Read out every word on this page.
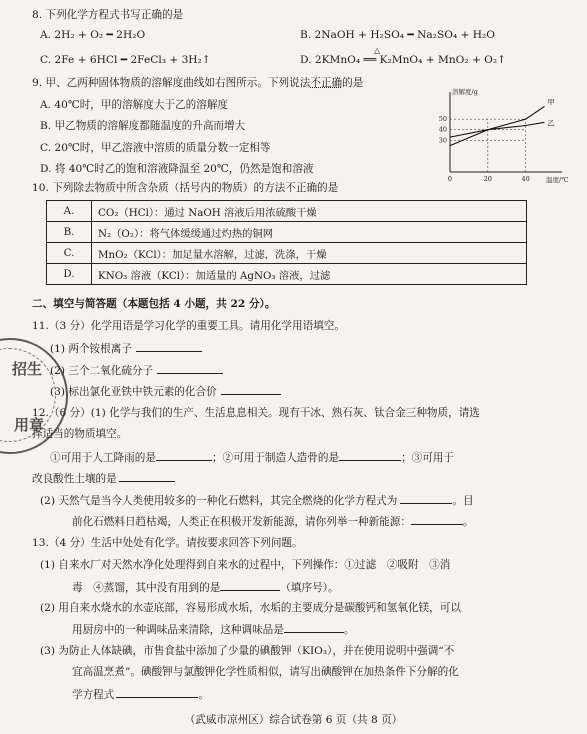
8. 下列化学方程式书写正确的是
A. 2H₂ + O₂ ━ 2H₂O	B. 2NaOH + H₂SO₄ ━ Na₂SO₄ + H₂O
C. 2Fe + 6HCl ━ 2FeCl₃ + 3H₂↑	D. 2KMnO₄ ══ K₂MnO₄ + MnO₂ + O₂↑
△
9. 甲、乙两种固体物质的溶解度曲线如右图所示。下列说法不正确的是
A. 40℃时，甲的溶解度大于乙的溶解度
B. 甲乙物质的溶解度都随温度的升高而增大
C. 20℃时，甲乙溶液中溶质的质量分数一定相等
D. 将 40℃时乙的饱和溶液降温至 20℃，仍然是饱和溶液
溶解度/g
温度/℃
30
40
50
0	20	40
甲
乙
10. 下列除去物质中所含杂质（括号内的物质）的方法不正确的是
A.	CO₂（HCl）：通过 NaOH 溶液后用浓硫酸干燥
B.	N₂（O₂）：将气体缓缓通过灼热的铜网
C.	MnO₂（KCl）：加足量水溶解，过滤，洗涤，干燥
D.	KNO₃ 溶液（KCl）：加适量的 AgNO₃ 溶液，过滤
二、填空与简答题（本题包括 4 小题，共 22 分）。
11.（3 分）化学用语是学习化学的重要工具。请用化学用语填空。
(1) 两个铵根离子
(2) 三个二氧化硫分子
(3) 标出氯化亚铁中铁元素的化合价
12.（6 分）(1) 化学与我们的生产、生活息息相关。现有干冰、熟石灰、钛合金三种物质，请选
择适当的物质填空。
①可用于人工降雨的是	；②可用于制造人造骨的是	；③可用于
改良酸性土壤的是
(2) 天然气是当今人类使用较多的一种化石燃料，其完全燃烧的化学方程式为	。目
前化石燃料日趋枯竭，人类正在积极开发新能源，请你列举一种新能源：	。
13.（4 分）生活中处处有化学。请按要求回答下列问题。
(1) 自来水厂对天然水净化处理得到自来水的过程中，下列操作：①过滤　②吸附　③消
毒　④蒸馏，其中没有用到的是	（填序号）。
(2) 用自来水烧水的水壶底部，容易形成水垢，水垢的主要成分是碳酸钙和氢氧化镁，可以
用厨房中的一种调味品来清除，这种调味品是	。
(3) 为防止人体缺碘，市售食盐中添加了少量的碘酸钾（KIO₃），并在使用说明中强调“不
宜高温烹煮”。碘酸钾与氯酸钾化学性质相似，请写出碘酸钾在加热条件下分解的化
学方程式	。
招生
用章
（武威市凉州区）综合试卷第 6 页（共 8 页）
